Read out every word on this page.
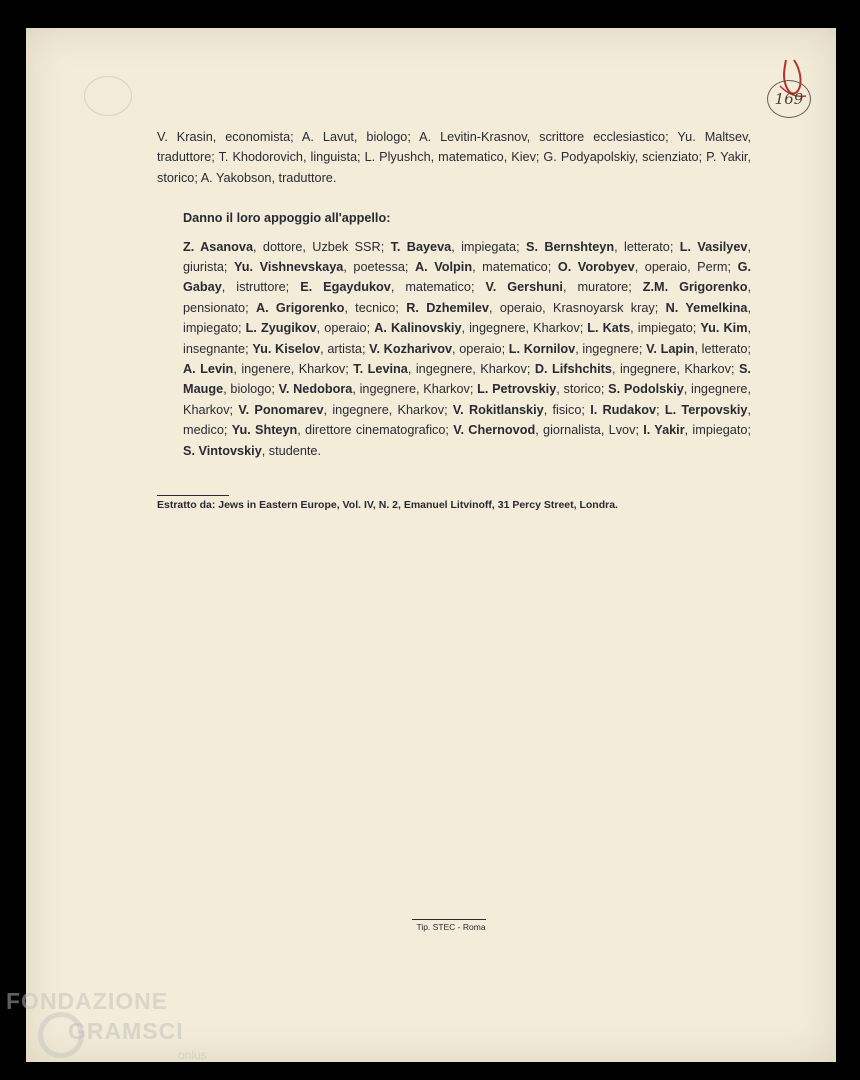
169

V. Krasin, economista; A. Lavut, biologo; A. Levitin-Krasnov, scrittore ecclesiastico; Yu. Maltsev, traduttore; T. Khodorovich, linguista; L. Plyushch, matematico, Kiev; G. Podyapolskiy, scienziato; P. Yakir, storico; A. Yakobson, traduttore.

Danno il loro appoggio all'appello:

Z. Asanova, dottore, Uzbek SSR; T. Bayeva, impiegata; S. Bernshteyn, letterato; L. Vasilyev, giurista; Yu. Vishnevskaya, poetessa; A. Volpin, matematico; O. Vorobyev, operaio, Perm; G. Gabay, istruttore; E. Egaydukov, matematico; V. Gershuni, muratore; Z.M. Grigorenko, pensionato; A. Grigorenko, tecnico; R. Dzhemilev, operaio, Krasnoyarsk kray; N. Yemelkina, impiegato; L. Zyugikov, operaio; A. Kalinovskiy, ingegnere, Kharkov; L. Kats, impiegato; Yu. Kim, insegnante; Yu. Kiselov, artista; V. Kozharivov, operaio; L. Kornilov, ingegnere; V. Lapin, letterato; A. Levin, ingenere, Kharkov; T. Levina, ingegnere, Kharkov; D. Lifshchits, ingegnere, Kharkov; S. Mauge, biologo; V. Nedobora, ingegnere, Kharkov; L. Petrovskiy, storico; S. Podolskiy, ingegnere, Kharkov; V. Ponomarev, ingegnere, Kharkov; V. Rokitlanskiy, fisico; I. Rudakov; L. Terpovskiy, medico; Yu. Shteyn, direttore cinematografico; V. Chernovod, giornalista, Lvov; I. Yakir, impiegato; S. Vintovskiy, studente.

Estratto da: Jews in Eastern Europe, Vol. IV, N. 2, Emanuel Litvinoff, 31 Percy Street, Londra.
Tip. STEC - Roma
FONDAZIONE
GRAMSCI
onlus
